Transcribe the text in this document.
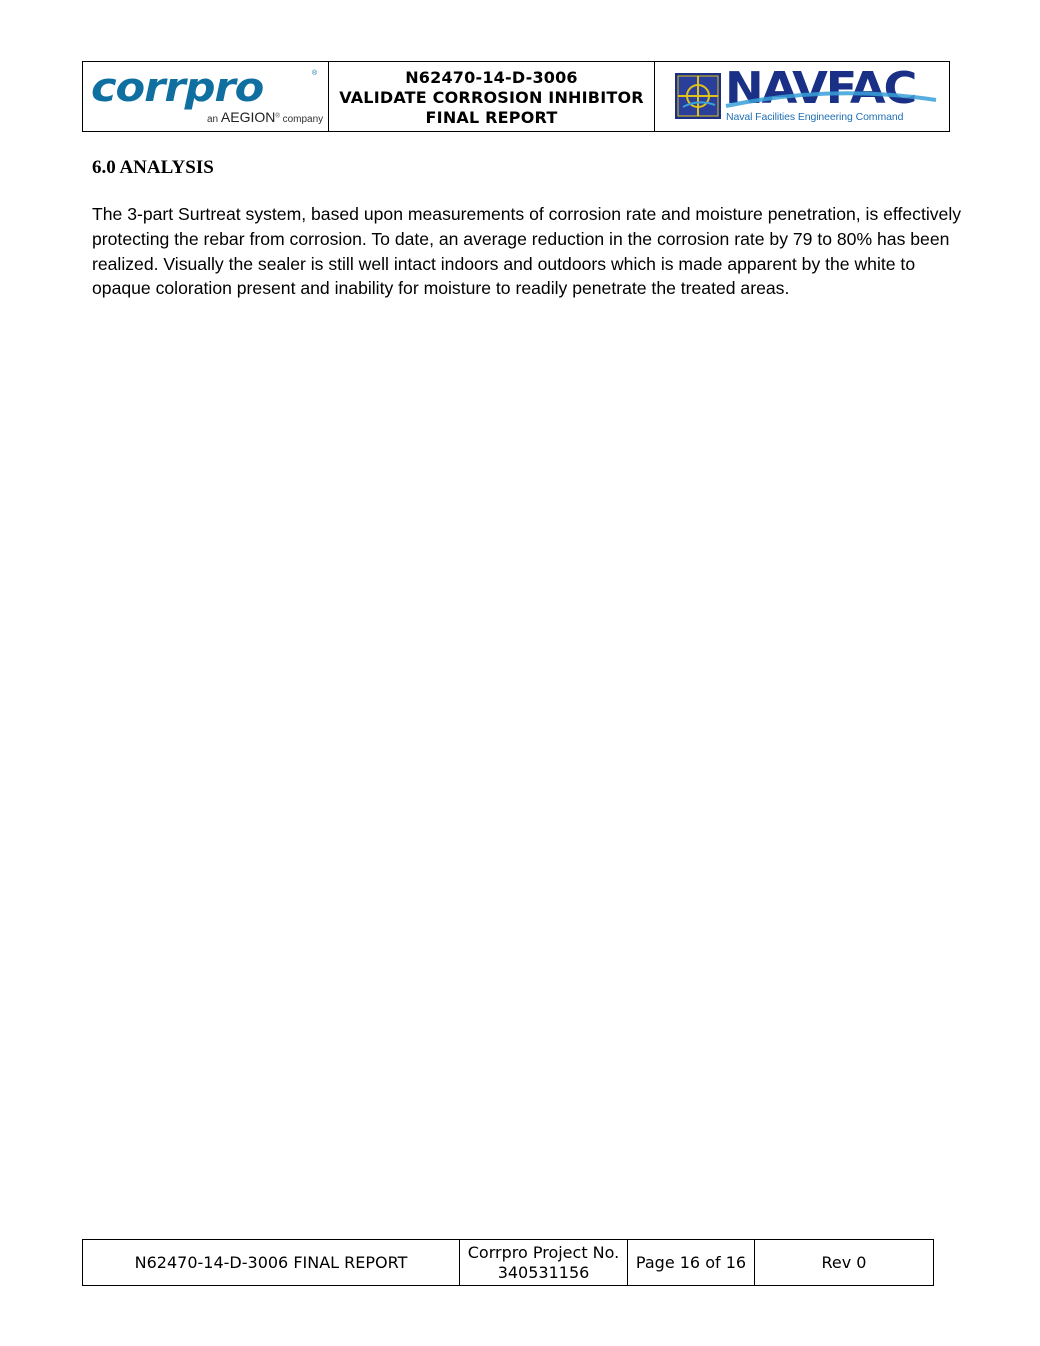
corrpro	®
an AEGION® company
N62470-14-D-3006
VALIDATE CORROSION INHIBITOR
FINAL REPORT
NAVFAC
Naval Facilities Engineering Command
6.0 ANALYSIS

The 3-part Surtreat system, based upon measurements of corrosion rate and moisture penetration, is effectively protecting the rebar from corrosion. To date, an average reduction in the corrosion rate by 79 to 80% has been realized. Visually the sealer is still well intact indoors and outdoors which is made apparent by the white to opaque coloration present and inability for moisture to readily penetrate the treated areas.

N62470-14-D-3006 FINAL REPORT
Corrpro Project No.
340531156
Page 16 of 16	Rev 0
